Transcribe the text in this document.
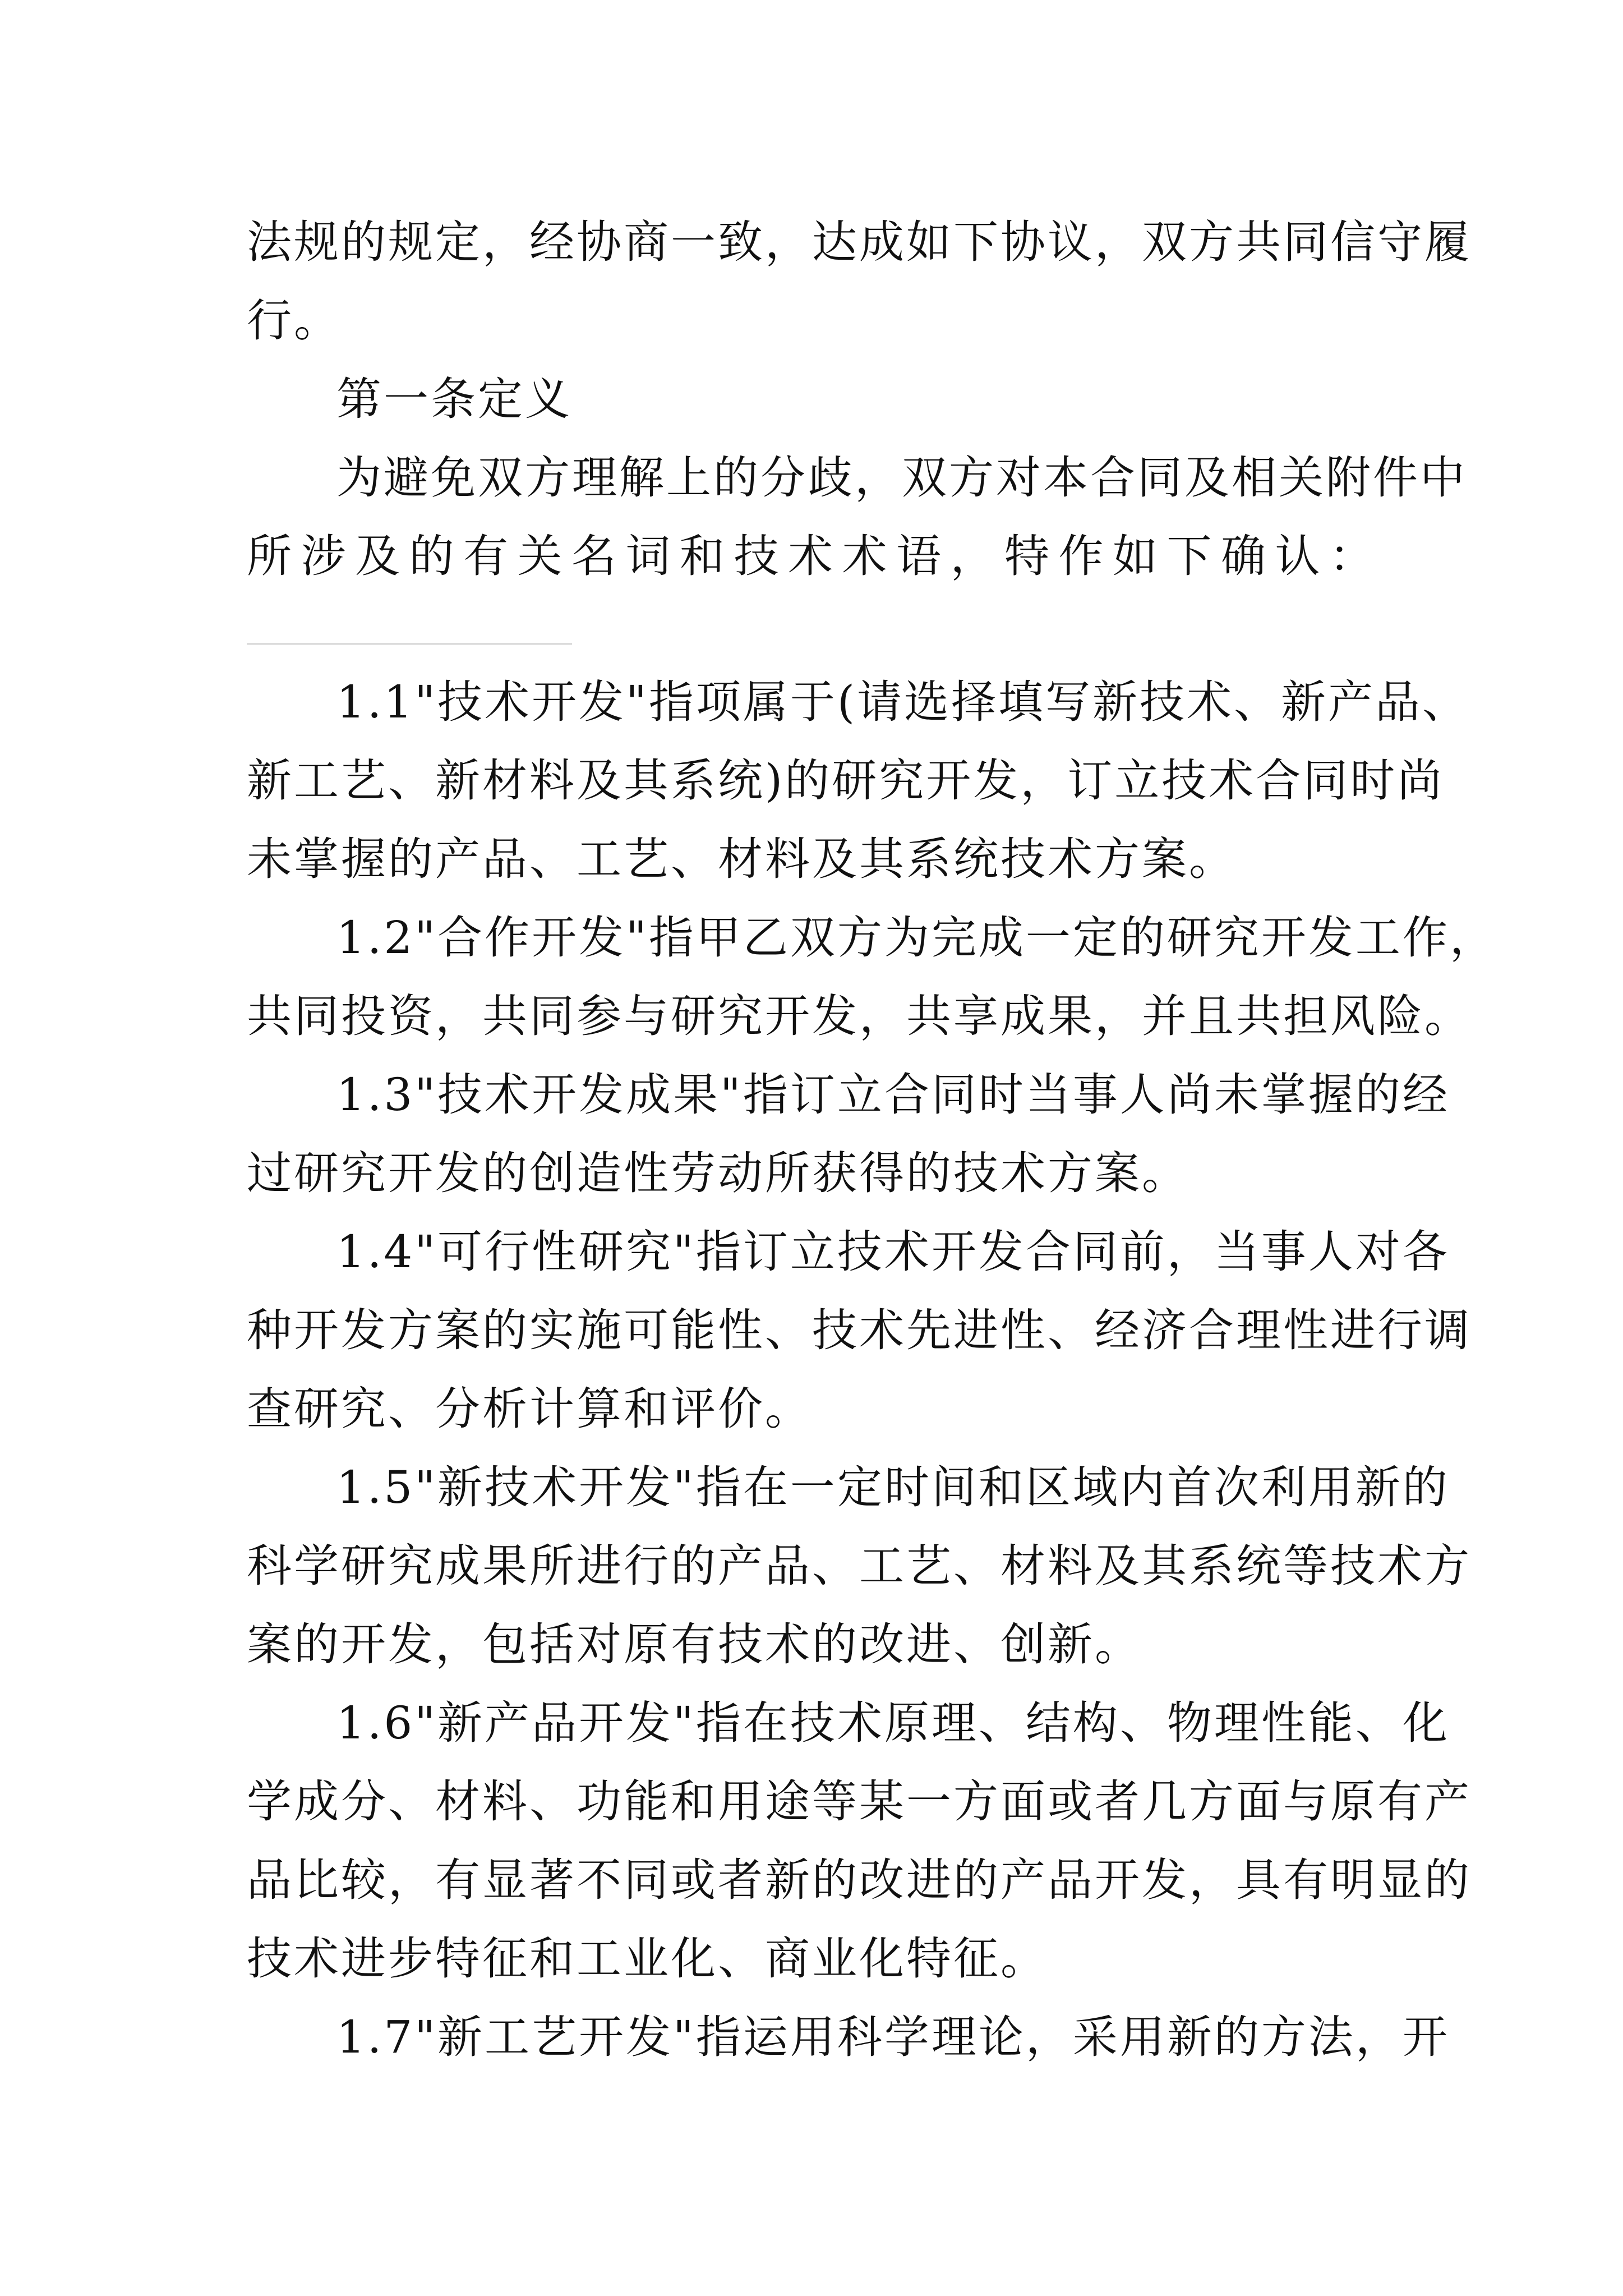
法规的规定，经协商一致，达成如下协议，双方共同信守履
行。
第一条定义
为避免双方理解上的分歧，双方对本合同及相关附件中
所涉及的有关名词和技术术语，特作如下确认：
1.1"技术开发"指项属于(请选择填写新技术、新产品、
新工艺、新材料及其系统)的研究开发，订立技术合同时尚
未掌握的产品、工艺、材料及其系统技术方案。
1.2"合作开发"指甲乙双方为完成一定的研究开发工作，
共同投资，共同参与研究开发，共享成果，并且共担风险。
1.3"技术开发成果"指订立合同时当事人尚未掌握的经
过研究开发的创造性劳动所获得的技术方案。
1.4"可行性研究"指订立技术开发合同前，当事人对各
种开发方案的实施可能性、技术先进性、经济合理性进行调
查研究、分析计算和评价。
1.5"新技术开发"指在一定时间和区域内首次利用新的
科学研究成果所进行的产品、工艺、材料及其系统等技术方
案的开发，包括对原有技术的改进、创新。
1.6"新产品开发"指在技术原理、结构、物理性能、化
学成分、材料、功能和用途等某一方面或者几方面与原有产
品比较，有显著不同或者新的改进的产品开发，具有明显的
技术进步特征和工业化、商业化特征。
1.7"新工艺开发"指运用科学理论，采用新的方法，开
